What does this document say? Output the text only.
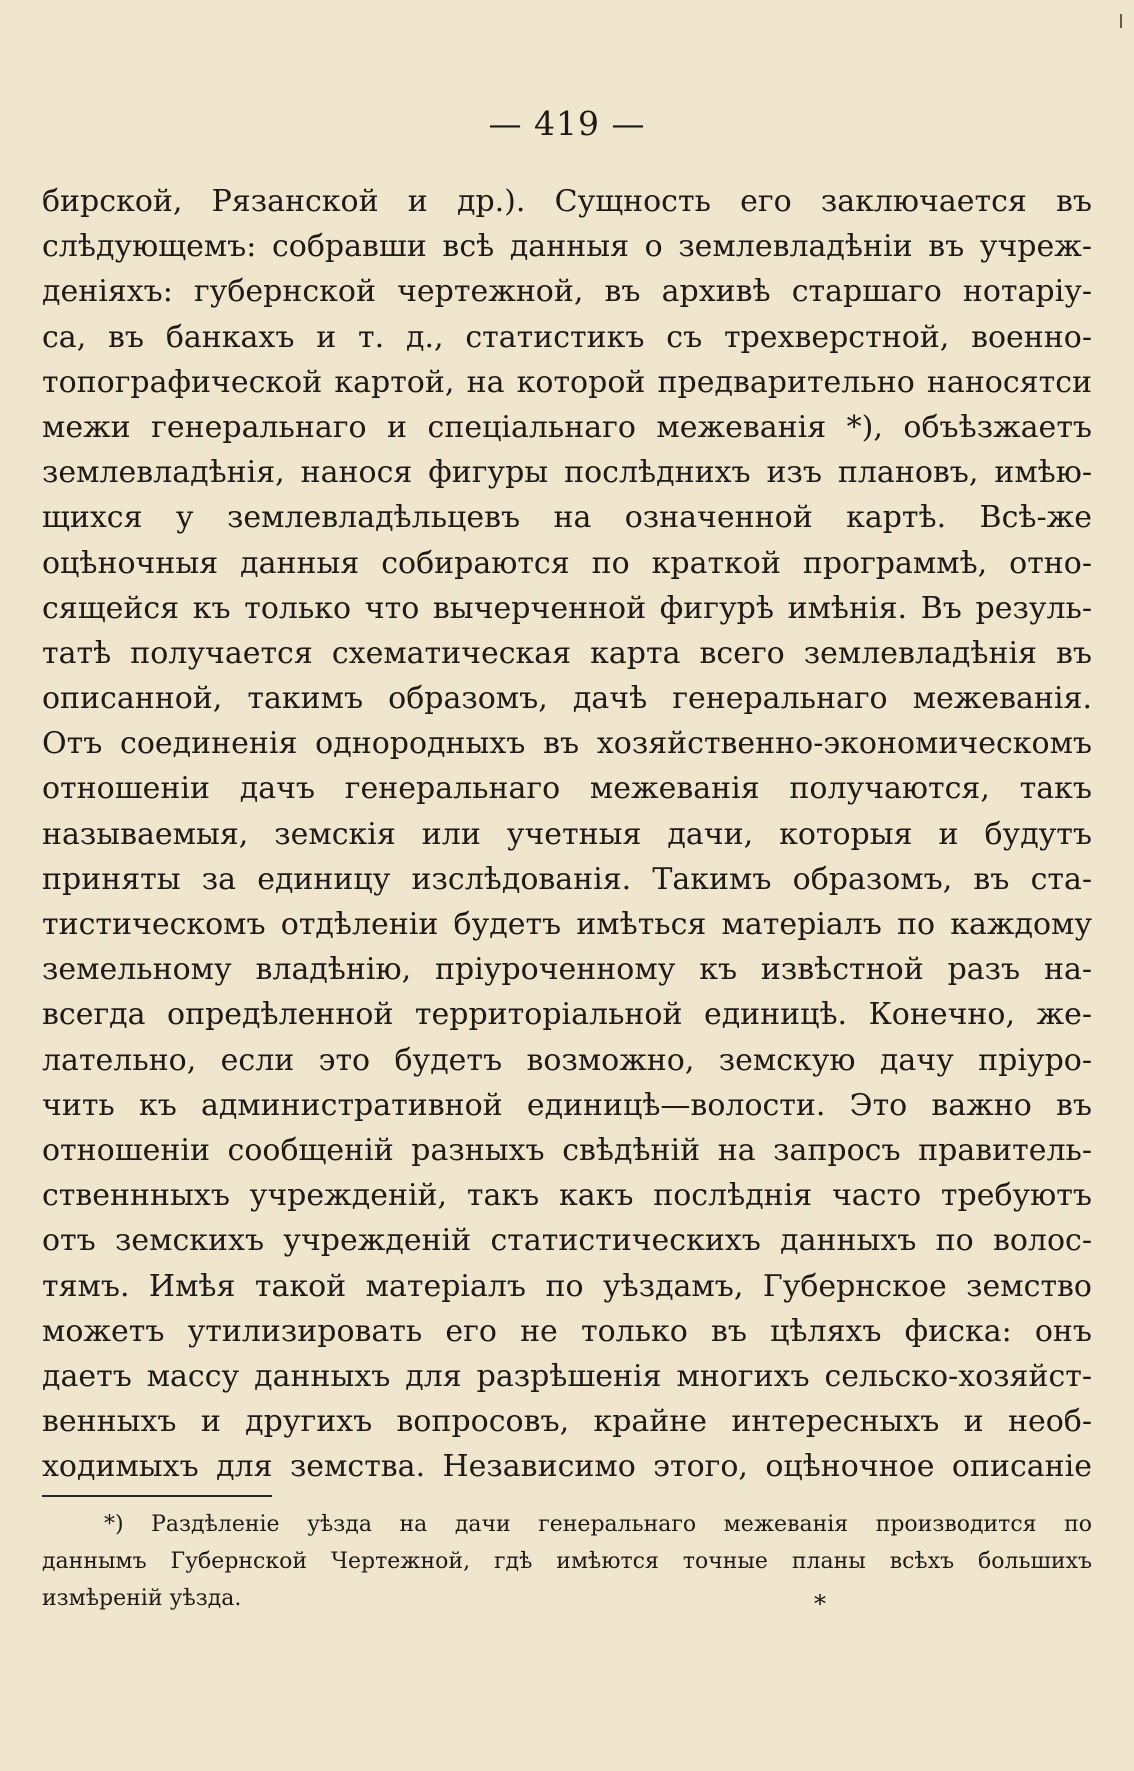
— 419 —
бирской, Рязанской и др.). Сущность его заключается въ
слѣдующемъ: собравши всѣ данныя о землевладѣніи въ учреж-
деніяхъ: губернской чертежной, въ архивѣ старшаго нотаріу-
са, въ банкахъ и т. д., статистикъ съ трехверстной, военно-
топографической картой, на которой предварительно наносятси
межи генеральнаго и спеціальнаго межеванія *), объѣзжаетъ
землевладѣнія, нанося фигуры послѣднихъ изъ плановъ, имѣю-
щихся у землевладѣльцевъ на означенной картѣ. Всѣ-же
оцѣночныя данныя собираются по краткой программѣ, отно-
сящейся къ только что вычерченной фигурѣ имѣнія. Въ резуль-
татѣ получается схематическая карта всего землевладѣнія въ
описанной, такимъ образомъ, дачѣ генеральнаго межеванія.
Отъ соединенія однородныхъ въ хозяйственно-экономическомъ
отношеніи дачъ генеральнаго межеванія получаются, такъ
называемыя, земскія или учетныя дачи, которыя и будутъ
приняты за единицу изслѣдованія. Такимъ образомъ, въ ста-
тистическомъ отдѣленіи будетъ имѣться матеріалъ по каждому
земельному владѣнію, пріуроченному къ извѣстной разъ на-
всегда опредѣленной территоріальной единицѣ. Конечно, же-
лательно, если это будетъ возможно, земскую дачу пріуро-
чить къ административной единицѣ—волости. Это важно въ
отношеніи сообщеній разныхъ свѣдѣній на запросъ правитель-
ственнныхъ учрежденій, такъ какъ послѣднія часто требуютъ
отъ земскихъ учрежденій статистическихъ данныхъ по волос-
тямъ. Имѣя такой матеріалъ по уѣздамъ, Губернское земство
можетъ утилизировать его не только въ цѣляхъ фиска: онъ
даетъ массу данныхъ для разрѣшенія многихъ сельско-хозяйст-
венныхъ и другихъ вопросовъ, крайне интересныхъ и необ-
ходимыхъ для земства. Независимо этого, оцѣночное описаніе
*) Раздѣленіе уѣзда на дачи генеральнаго межеванія производится по
даннымъ Губернской Чертежной, гдѣ имѣются точные планы всѣхъ большихъ
измѣреній уѣзда.	*
